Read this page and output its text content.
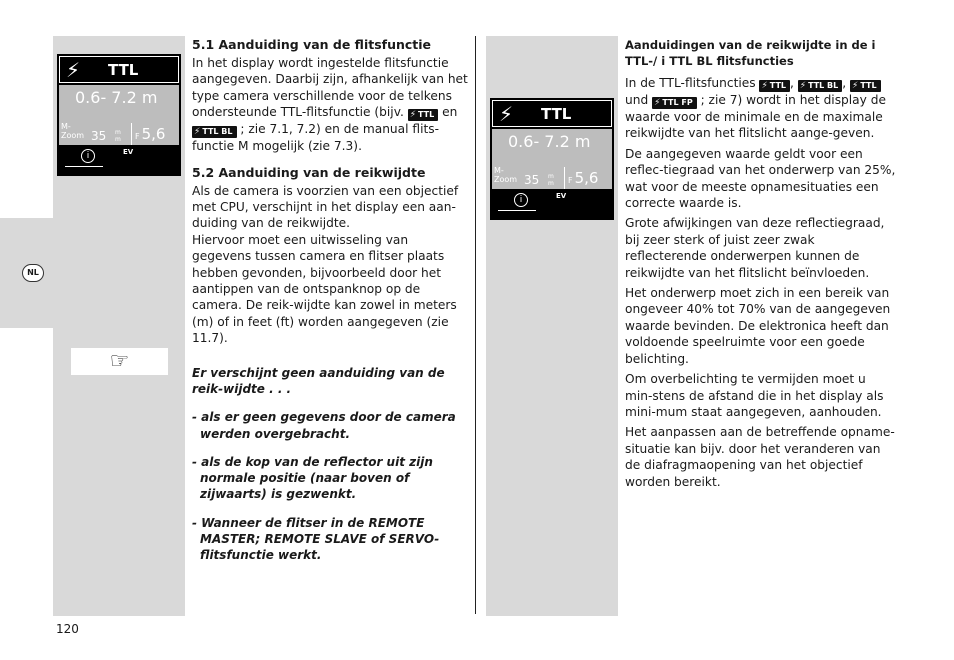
NL
⚡ TTL
0.6- 7.2 m
M-
Zoom 35 m
m F 5,6
i	EV
☞
5.1 Aanduiding van de flitsfunctie

In het display wordt ingestelde flitsfunctie aangegeven. Daarbij zijn, afhankelijk van het type camera verschillende voor de telkens ondersteunde TTL-flitsfunctie (bijv. ⚡ TTL en ⚡ TTL BL ; zie 7.1, 7.2) en de manual flits-functie M mogelijk (zie 7.3).

5.2 Aanduiding van de reikwijdte

Als de camera is voorzien van een objectief met CPU, verschijnt in het display een aan-duiding van de reikwijdte.

Hiervoor moet een uitwisseling van gegevens tussen camera en flitser plaats hebben gevonden, bijvoorbeeld door het aantippen van de ontspanknop op de camera. De reik-wijdte kan zowel in meters (m) of in feet (ft) worden aangegeven (zie 11.7).

Er verschijnt geen aanduiding van de reik-wijdte . . .

- als er geen gegevens door de camera werden overgebracht.

- als de kop van de reflector uit zijn normale positie (naar boven of zijwaarts) is gezwenkt.

- Wanneer de flitser in de REMOTE MASTER; REMOTE SLAVE of SERVO-flitsfunctie werkt.

⚡ TTL
0.6- 7.2 m
M-
Zoom 35 m
m F 5,6
i	EV
Aanduidingen van de reikwijdte in de i TTL-/ i TTL BL flitsfuncties

In de TTL-flitsfuncties ⚡ TTL , ⚡ TTL BL , ⚡ TTL und ⚡ TTL FP ; zie 7) wordt in het display de waarde voor de minimale en de maximale reikwijdte van het flitslicht aange-geven.

De aangegeven waarde geldt voor een reflec-tiegraad van het onderwerp van 25%, wat voor de meeste opnamesituaties een correcte waarde is.

Grote afwijkingen van deze reflectiegraad, bij zeer sterk of juist zeer zwak reflecterende onderwerpen kunnen de reikwijdte van het flitslicht beïnvloeden.

Het onderwerp moet zich in een bereik van ongeveer 40% tot 70% van de aangegeven waarde bevinden. De elektronica heeft dan voldoende speelruimte voor een goede belichting.

Om overbelichting te vermijden moet u min-stens de afstand die in het display als mini-mum staat aangegeven, aanhouden.

Het aanpassen aan de betreffende opname-situatie kan bijv. door het veranderen van de diafragmaopening van het objectief worden bereikt.

120
